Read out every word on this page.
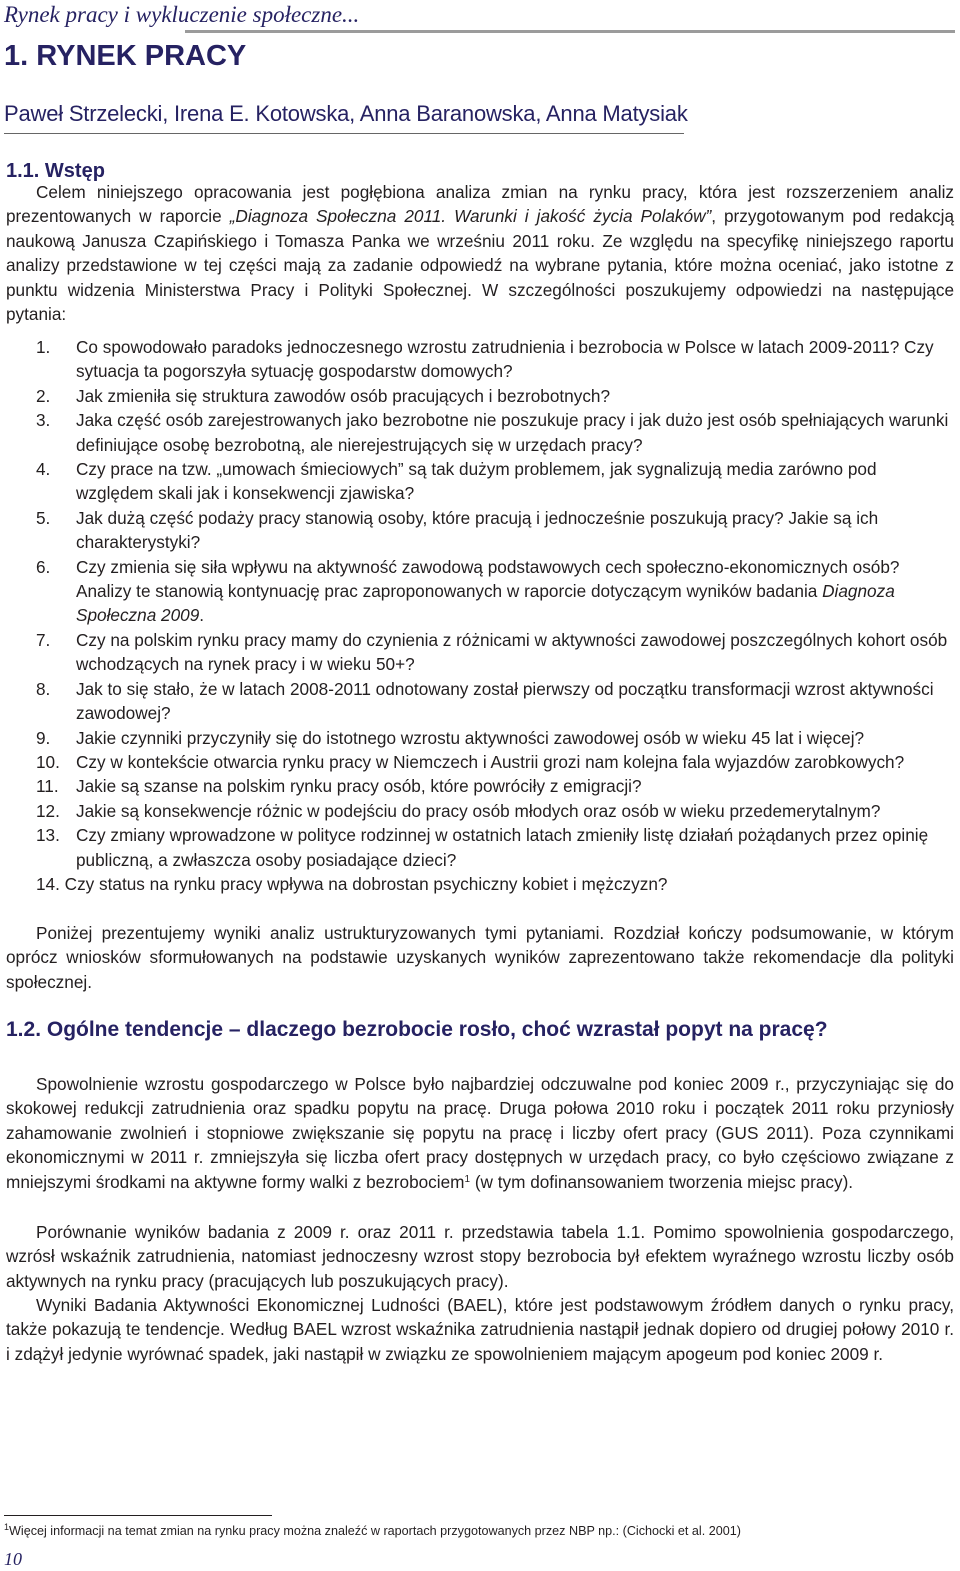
Rynek pracy i wykluczenie społeczne...
1. RYNEK PRACY
Paweł Strzelecki, Irena E. Kotowska, Anna Baranowska, Anna Matysiak
1.1. Wstęp
Celem niniejszego opracowania jest pogłębiona analiza zmian na rynku pracy, która jest rozszerzeniem analiz prezentowanych w raporcie „Diagnoza Społeczna 2011. Warunki i jakość życia Polaków”, przygotowanym pod redakcją naukową Janusza Czapińskiego i Tomasza Panka we wrześniu 2011 roku. Ze względu na specyfikę niniejszego raportu analizy przedstawione w tej części mają za zadanie odpowiedź na wybrane pytania, które można oceniać, jako istotne z punktu widzenia Ministerstwa Pracy i Polityki Społecznej. W szczególności poszukujemy odpowiedzi na następujące pytania:
1. Co spowodowało paradoks jednoczesnego wzrostu zatrudnienia i bezrobocia w Polsce w latach 2009-2011? Czy sytuacja ta pogorszyła sytuację gospodarstw domowych?
2. Jak zmieniła się struktura zawodów osób pracujących i bezrobotnych?
3. Jaka część osób zarejestrowanych jako bezrobotne nie poszukuje pracy i jak dużo jest osób spełniających warunki definiujące osobę bezrobotną, ale nierejestrujących się w urzędach pracy?
4. Czy prace na tzw. „umowach śmieciowych” są tak dużym problemem, jak sygnalizują media zarówno pod względem skali jak i konsekwencji zjawiska?
5. Jak dużą część podaży pracy stanowią osoby, które pracują i jednocześnie poszukują pracy? Jakie są ich charakterystyki?
6. Czy zmienia się siła wpływu na aktywność zawodową podstawowych cech społeczno-ekonomicznych osób? Analizy te stanowią kontynuację prac zaproponowanych w raporcie dotyczącym wyników badania Diagnoza Społeczna 2009.
7. Czy na polskim rynku pracy mamy do czynienia z różnicami w aktywności zawodowej poszczególnych kohort osób wchodzących na rynek pracy i w wieku 50+?
8. Jak to się stało, że w latach 2008-2011 odnotowany został pierwszy od początku transformacji wzrost aktywności zawodowej?
9. Jakie czynniki przyczyniły się do istotnego wzrostu aktywności zawodowej osób w wieku 45 lat i więcej?
10. Czy w kontekście otwarcia rynku pracy w Niemczech i Austrii grozi nam kolejna fala wyjazdów zarobkowych?
11. Jakie są szanse na polskim rynku pracy osób, które powróciły z emigracji?
12. Jakie są konsekwencje różnic w podejściu do pracy osób młodych oraz osób w wieku przedemerytalnym?
13. Czy zmiany wprowadzone w polityce rodzinnej w ostatnich latach zmieniły listę działań pożądanych przez opinię publiczną, a zwłaszcza osoby posiadające dzieci?
14. Czy status na rynku pracy wpływa na dobrostan psychiczny kobiet i mężczyzn?
Poniżej prezentujemy wyniki analiz ustrukturyzowanych tymi pytaniami. Rozdział kończy podsumowanie, w którym oprócz wniosków sformułowanych na podstawie uzyskanych wyników zaprezentowano także rekomendacje dla polityki społecznej.
1.2. Ogólne tendencje – dlaczego bezrobocie rosło, choć wzrastał popyt na pracę?
Spowolnienie wzrostu gospodarczego w Polsce było najbardziej odczuwalne pod koniec 2009 r., przyczyniając się do skokowej redukcji zatrudnienia oraz spadku popytu na pracę. Druga połowa 2010 roku i początek 2011 roku przyniosły zahamowanie zwolnień i stopniowe zwiększanie się popytu na pracę i liczby ofert pracy (GUS 2011). Poza czynnikami ekonomicznymi w 2011 r. zmniejszyła się liczba ofert pracy dostępnych w urzędach pracy, co było częściowo związane z mniejszymi środkami na aktywne formy walki z bezrobociem$^1$ (w tym dofinansowaniem tworzenia miejsc pracy).
Porównanie wyników badania z 2009 r. oraz 2011 r. przedstawia tabela 1.1. Pomimo spowolnienia gospodarczego, wzrósł wskaźnik zatrudnienia, natomiast jednoczesny wzrost stopy bezrobocia był efektem wyraźnego wzrostu liczby osób aktywnych na rynku pracy (pracujących lub poszukujących pracy).
Wyniki Badania Aktywności Ekonomicznej Ludności (BAEL), które jest podstawowym źródłem danych o rynku pracy, także pokazują te tendencje. Według BAEL wzrost wskaźnika zatrudnienia nastąpił jednak dopiero od drugiej połowy 2010 r. i zdążył jedynie wyrównać spadek, jaki nastąpił w związku ze spowolnieniem mającym apogeum pod koniec 2009 r.
$^1$Więcej informacji na temat zmian na rynku pracy można znaleźć w raportach przygotowanych przez NBP np.: (Cichocki et al. 2001)
10
